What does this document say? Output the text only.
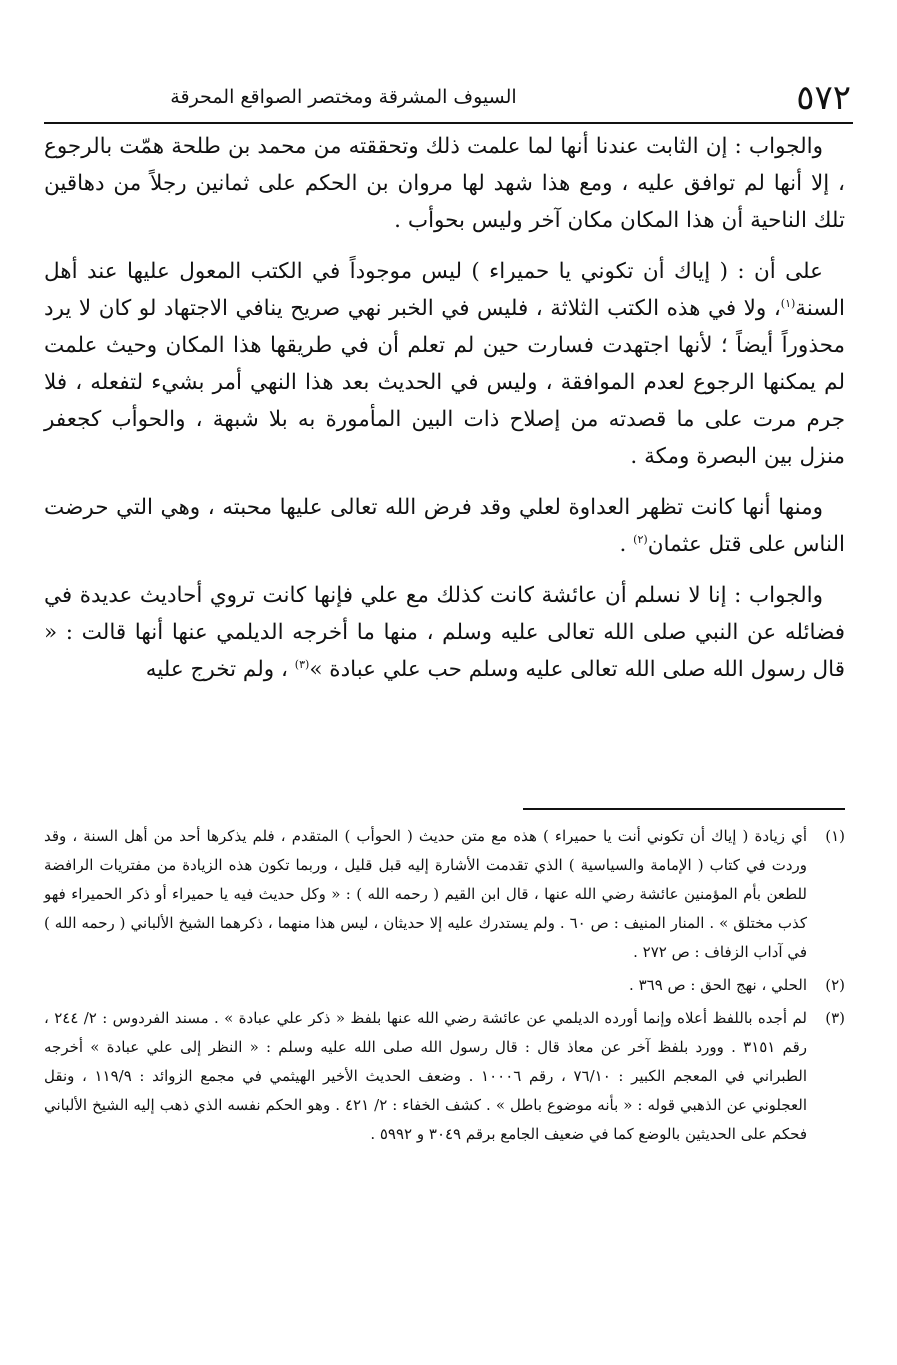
٥٧٢
السيوف المشرقة ومختصر الصواقع المحرقة

والجواب : إن الثابت عندنا أنها لما علمت ذلك وتحققته من محمد بن طلحة همّت بالرجوع ، إلا أنها لم توافق عليه ، ومع هذا شهد لها مروان بن الحكم على ثمانين رجلاً من دهاقين تلك الناحية أن هذا المكان مكان آخر وليس بحوأب .

على أن : ( إياك أن تكوني يا حميراء ) ليس موجوداً في الكتب المعول عليها عند أهل السنة$^{(١)}$، ولا في هذه الكتب الثلاثة ، فليس في الخبر نهي صريح ينافي الاجتهاد لو كان لا يرد محذوراً أيضاً ؛ لأنها اجتهدت فسارت حين لم تعلم أن في طريقها هذا المكان وحيث علمت لم يمكنها الرجوع لعدم الموافقة ، وليس في الحديث بعد هذا النهي أمر بشيء لتفعله ، فلا جرم مرت على ما قصدته من إصلاح ذات البين المأمورة به بلا شبهة ، والحوأب كجعفر منزل بين البصرة ومكة .

ومنها أنها كانت تظهر العداوة لعلي وقد فرض الله تعالى عليها محبته ، وهي التي حرضت الناس على قتل عثمان$^{(٢)}$ .

والجواب : إنا لا نسلم أن عائشة كانت كذلك مع علي فإنها كانت تروي أحاديث عديدة في فضائله عن النبي صلى الله تعالى عليه وسلم ، منها ما أخرجه الديلمي عنها أنها قالت : « قال رسول الله صلى الله تعالى عليه وسلم حب علي عبادة »$^{(٣)}$ ، ولم تخرج عليه

(١)
أي زيادة ( إياك أن تكوني أنت يا حميراء ) هذه مع متن حديث ( الحوأب ) المتقدم ، فلم يذكرها أحد من أهل السنة ، وقد وردت في كتاب ( الإمامة والسياسية ) الذي تقدمت الأشارة إليه قبل قليل ، وربما تكون هذه الزيادة من مفتريات الرافضة للطعن بأم المؤمنين عائشة رضي الله عنها ، قال ابن القيم ( رحمه الله ) : « وكل حديث فيه يا حميراء أو ذكر الحميراء فهو كذب مختلق » . المنار المنيف : ص ٦٠ . ولم يستدرك عليه إلا حديثان ، ليس هذا منهما ، ذكرهما الشيخ الألباني ( رحمه الله ) في آداب الزفاف : ص ٢٧٢ .
(٢)
الحلي ، نهج الحق : ص ٣٦٩ .
(٣)
لم أجده باللفظ أعلاه وإنما أورده الديلمي عن عائشة رضي الله عنها بلفظ « ذكر علي عبادة » . مسند الفردوس : ٢/ ٢٤٤ ، رقم ٣١٥١ . وورد بلفظ آخر عن معاذ قال : قال رسول الله صلى الله عليه وسلم : « النظر إلى علي عبادة » أخرجه الطبراني في المعجم الكبير : ٧٦/١٠ ، رقم ١٠٠٠٦ . وضعف الحديث الأخير الهيثمي في مجمع الزوائد : ١١٩/٩ ، ونقل العجلوني عن الذهبي قوله : « بأنه موضوع باطل » . كشف الخفاء : ٢/ ٤٢١ . وهو الحكم نفسه الذي ذهب إليه الشيخ الألباني فحكم على الحديثين بالوضع كما في ضعيف الجامع برقم ٣٠٤٩ و ٥٩٩٢ .
